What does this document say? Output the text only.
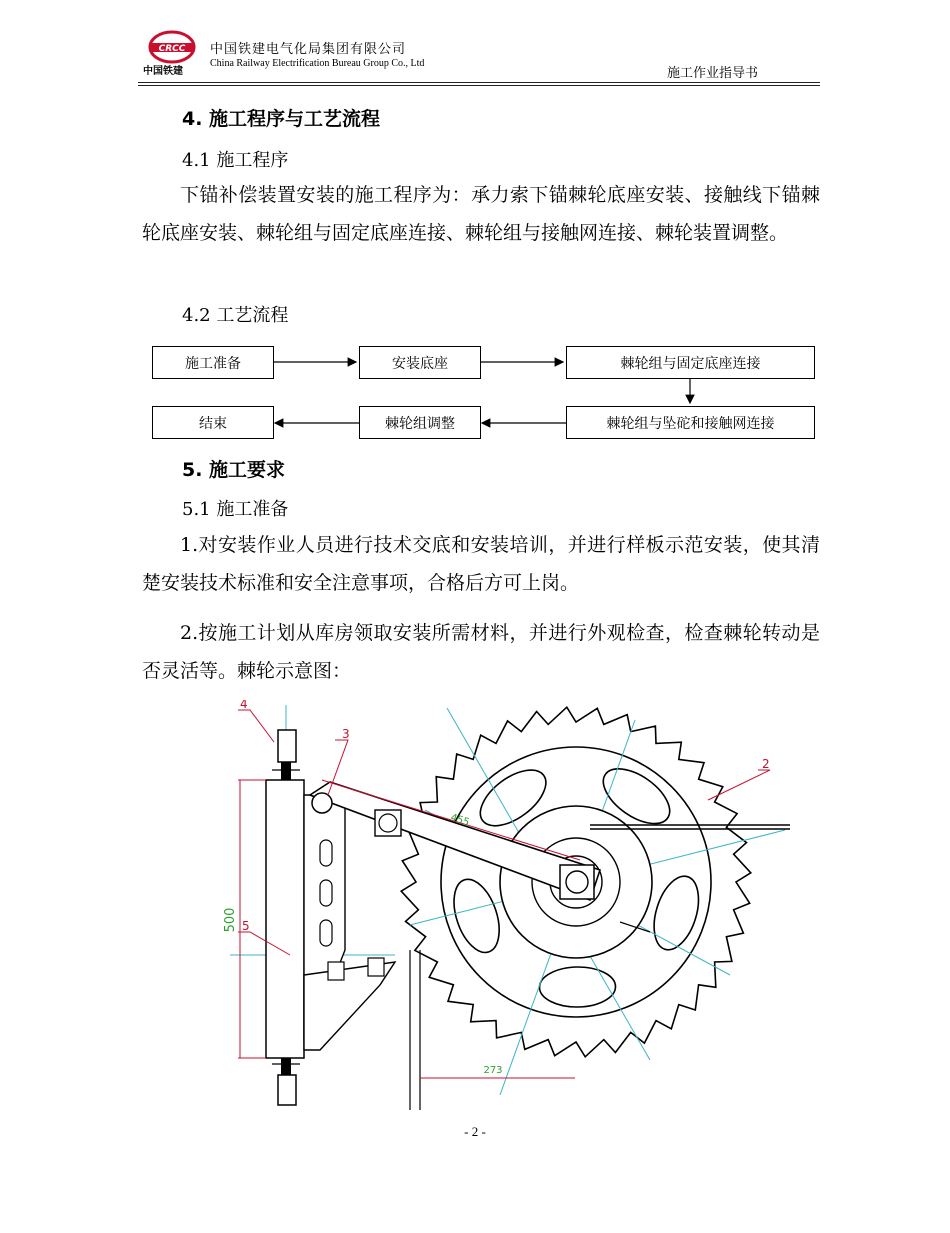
CRCC
中国铁建
中国铁建电气化局集团有限公司
China Railway Electrification Bureau Group Co., Ltd
施工作业指导书
4. 施工程序与工艺流程
4.1 施工程序
下锚补偿装置安装的施工程序为：承力索下锚棘轮底座安装、接触线下锚棘轮底座安装、棘轮组与固定底座连接、棘轮组与接触网连接、棘轮装置调整。
4.2 工艺流程
施工准备	安装底座	棘轮组与固定底座连接
棘轮组与坠砣和接触网连接
棘轮组调整
结束
5. 施工要求
5.1 施工准备
1.对安装作业人员进行技术交底和安装培训，并进行样板示范安装，使其清楚安装技术标准和安全注意事项，合格后方可上岗。
2.按施工计划从库房领取安装所需材料，并进行外观检查，检查棘轮转动是否灵活等。棘轮示意图：
500
455
273
4
3
2
5
- 2 -
